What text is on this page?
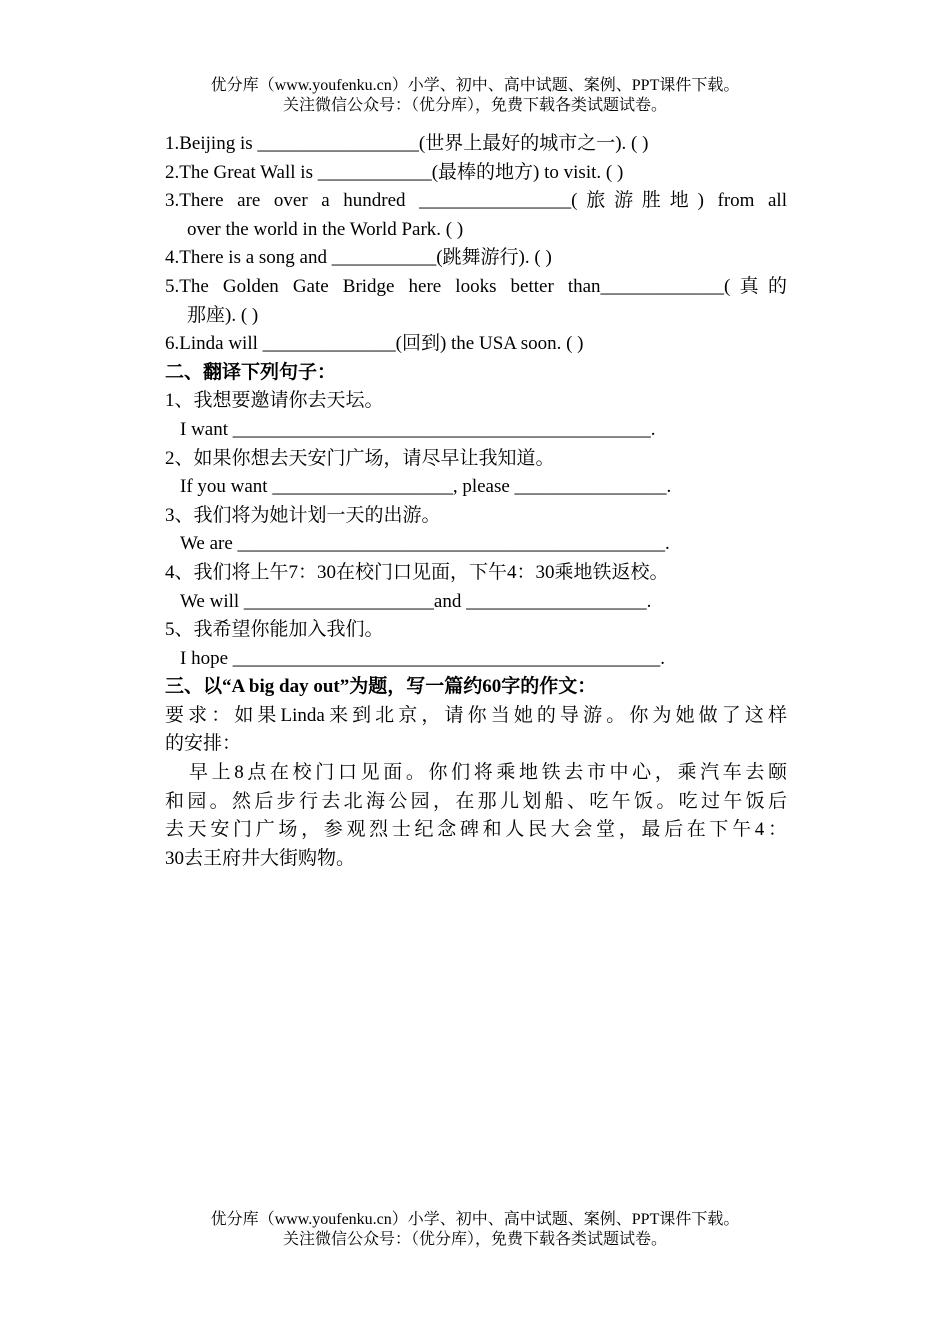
优分库（www.youfenku.cn）小学、初中、高中试题、案例、PPT课件下载。
关注微信公众号：（优分库），免费下载各类试题试卷。
1.Beijing is _________________(世界上最好的城市之一). ( )
2.The Great Wall is ____________(最棒的地方) to visit. ( )
3.There are over a hundred ________________(旅游胜地) from all
over the world in the World Park. ( )
4.There is a song and ___________(跳舞游行). ( )
5.The Golden Gate Bridge here looks better than_____________(真的
那座). ( )
6.Linda will ______________(回到) the USA soon. ( )
二、翻译下列句子：
1、我想要邀请你去天坛。
I want ____________________________________________.
2、如果你想去天安门广场，请尽早让我知道。
If you want ___________________, please ________________.
3、我们将为她计划一天的出游。
We are _____________________________________________.
4、我们将上午7：30在校门口见面，下午4：30乘地铁返校。
We will ____________________and ___________________.
5、我希望你能加入我们。
I hope _____________________________________________.
三、以“A big day out”为题，写一篇约60字的作文：
要求：如果Linda来到北京，请你当她的导游。你为她做了这样
的安排：
早上8点在校门口见面。你们将乘地铁去市中心，乘汽车去颐
和园。然后步行去北海公园，在那儿划船、吃午饭。吃过午饭后
去天安门广场，参观烈士纪念碑和人民大会堂，最后在下午4：
30去王府井大街购物。
优分库（www.youfenku.cn）小学、初中、高中试题、案例、PPT课件下载。
关注微信公众号：（优分库），免费下载各类试题试卷。
